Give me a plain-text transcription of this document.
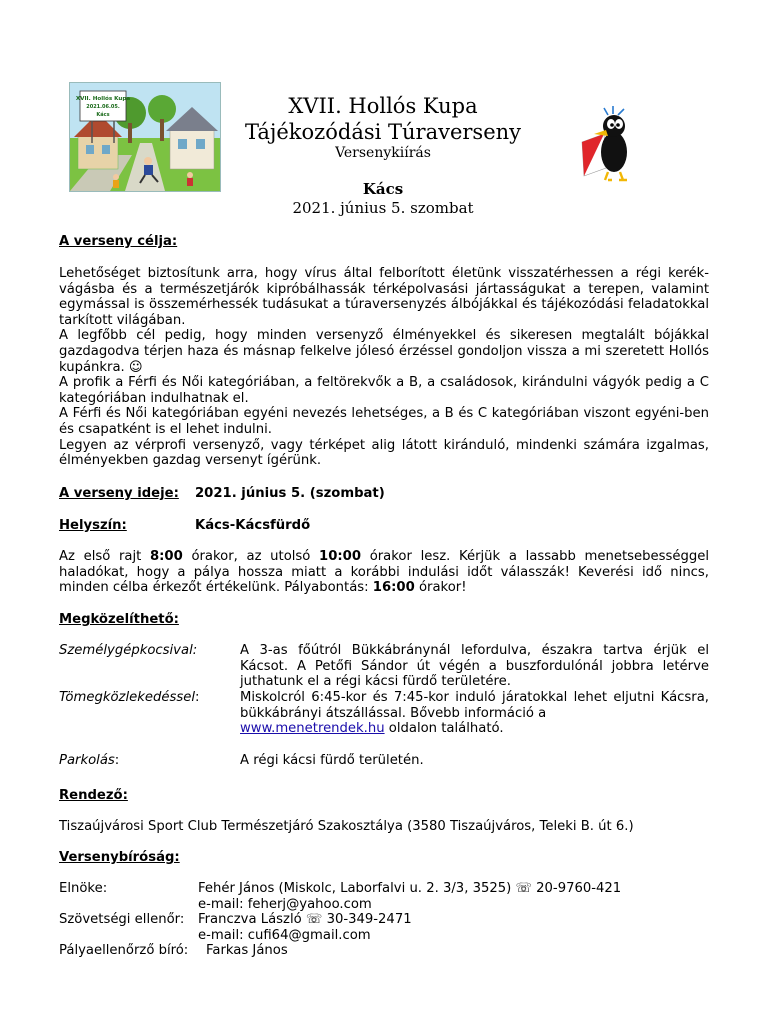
XVII. Hollós Kupa
2021.06.05.
Kács	XVII. Hollós Kupa
Tájékozódási Túraverseny
Versenykiírás
Kács
2021. június 5. szombat
A verseny célja:

Lehetőséget biztosítunk arra, hogy vírus által felborított életünk visszatérhessen a régi kerék-vágásba és a természetjárók kipróbálhassák térképolvasási jártasságukat a terepen, valamint egymással is összemérhessék tudásukat a túraversenyzés álbójákkal és tájékozódási feladatokkal tarkított világában.

A legfőbb cél pedig, hogy minden versenyző élményekkel és sikeresen megtalált bójákkal gazdagodva térjen haza és másnap felkelve jólesó érzéssel gondoljon vissza a mi szeretett Hollós kupánkra. ☺

A profik a Férfi és Női kategóriában, a feltörekvők a B, a családosok, kirándulni vágyók pedig a C kategóriában indulhatnak el.

A Férfi és Női kategóriában egyéni nevezés lehetséges, a B és C kategóriában viszont egyéni-ben és csapatként is el lehet indulni.

Legyen az vérprofi versenyző, vagy térképet alig látott kiránduló, mindenki számára izgalmas, élményekben gazdag versenyt ígérünk.

A verseny ideje: 2021. június 5. (szombat)
Helyszín:	Kács-Kácsfürdő
Az első rajt 8:00 órakor, az utolsó 10:00 órakor lesz. Kérjük a lassabb menetsebességgel haladókat, hogy a pálya hossza miatt a korábbi indulási időt válasszák! Keverési idő nincs, minden célba érkezőt értékelünk. Pályabontás: 16:00 órakor!
Megközelíthető:
Személygépkocsival:	A 3-as főútról Bükkábránynál lefordulva, északra tartva érjük el Kácsot. A Petőfi Sándor út végén a buszfordulónál jobbra letérve juthatunk el a régi kácsi fürdő területére.
Tömegközlekedéssel:	Miskolcról 6:45-kor és 7:45-kor induló járatokkal lehet eljutni Kácsra, bükkábrányi átszállással. Bővebb információ a
www.menetrendek.hu oldalon található.
Parkolás:	A régi kácsi fürdő területén.
Rendező:
Tiszaújvárosi Sport Club Természetjáró Szakosztálya (3580 Tiszaújváros, Teleki B. út 6.)
Versenybíróság:
Elnöke:	Fehér János (Miskolc, Laborfalvi u. 2. 3/3, 3525) ☏ 20-9760-421
e-mail: feherj@yahoo.com
Szövetségi ellenőr: Franczva László ☏ 30-349-2471
e-mail: cufi64@gmail.com
Pályaellenőrző bíró: Farkas János
